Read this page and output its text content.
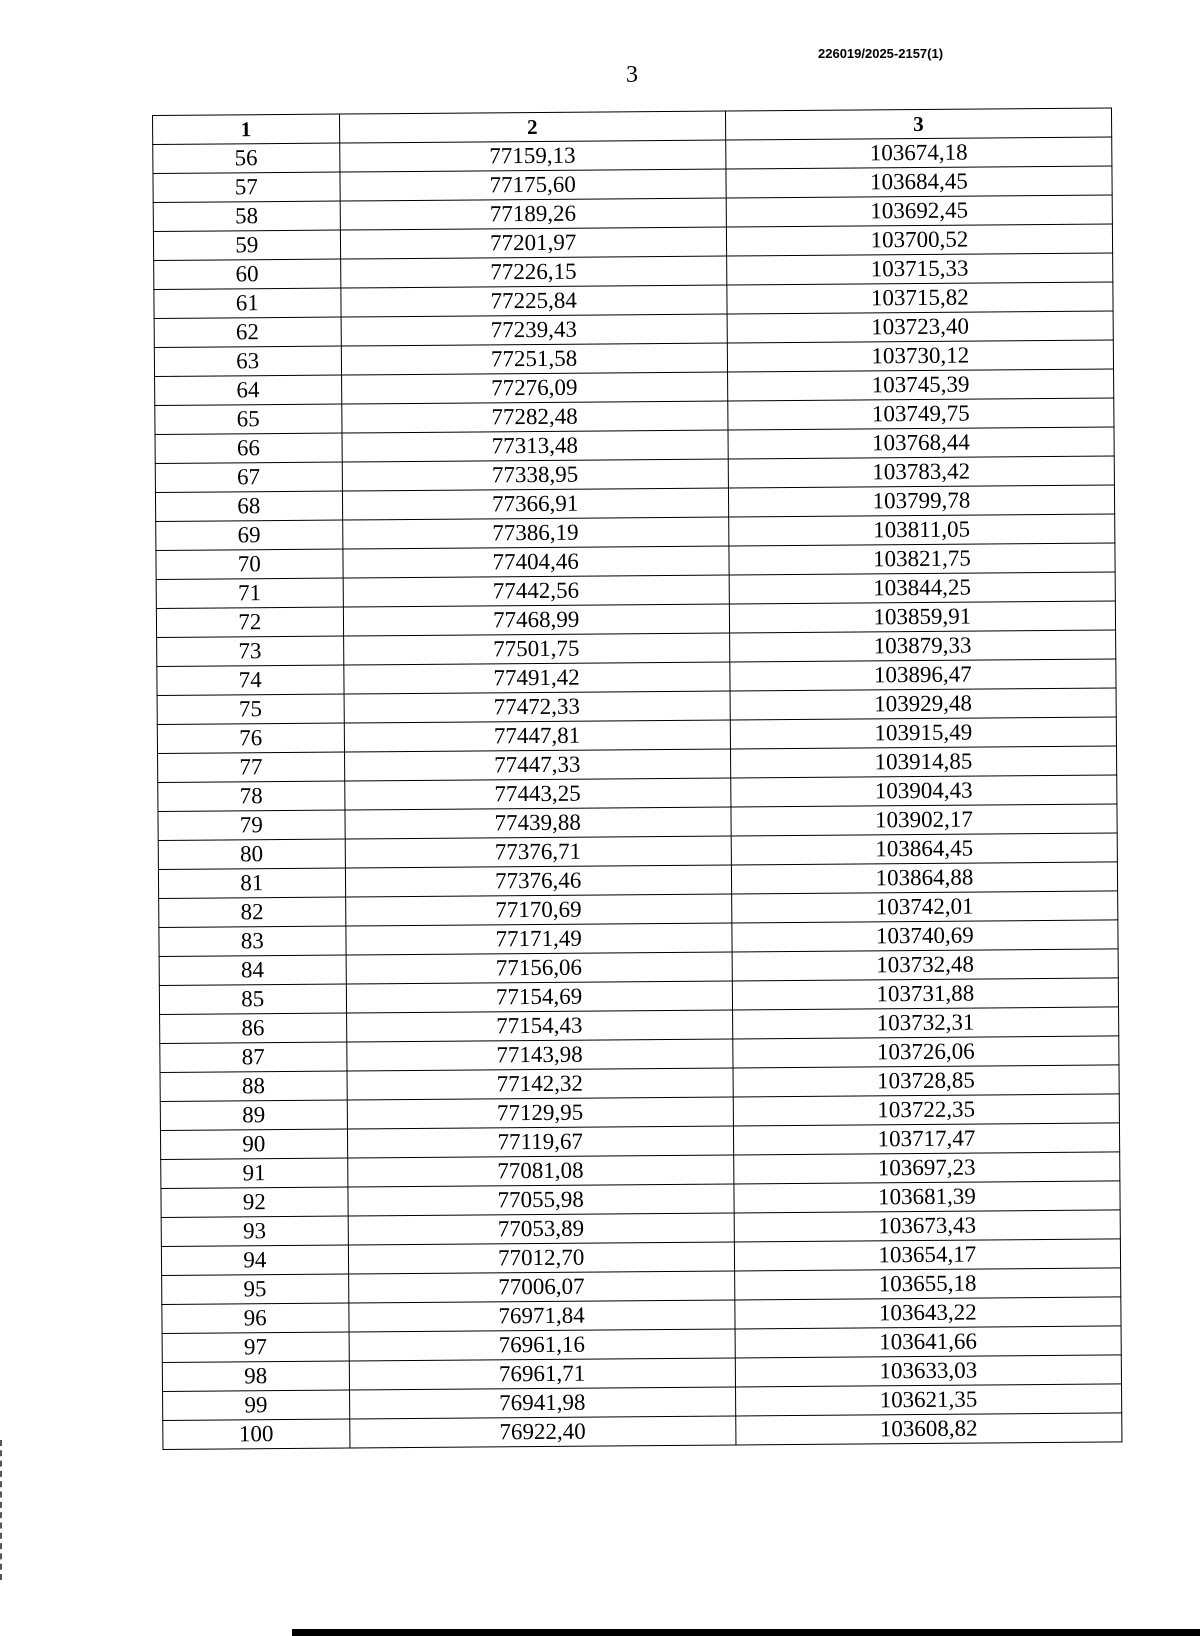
226019/2025-2157(1)
3
1	2	3
56	77159,13	103674,18
57	77175,60	103684,45
58	77189,26	103692,45
59	77201,97	103700,52
60	77226,15	103715,33
61	77225,84	103715,82
62	77239,43	103723,40
63	77251,58	103730,12
64	77276,09	103745,39
65	77282,48	103749,75
66	77313,48	103768,44
67	77338,95	103783,42
68	77366,91	103799,78
69	77386,19	103811,05
70	77404,46	103821,75
71	77442,56	103844,25
72	77468,99	103859,91
73	77501,75	103879,33
74	77491,42	103896,47
75	77472,33	103929,48
76	77447,81	103915,49
77	77447,33	103914,85
78	77443,25	103904,43
79	77439,88	103902,17
80	77376,71	103864,45
81	77376,46	103864,88
82	77170,69	103742,01
83	77171,49	103740,69
84	77156,06	103732,48
85	77154,69	103731,88
86	77154,43	103732,31
87	77143,98	103726,06
88	77142,32	103728,85
89	77129,95	103722,35
90	77119,67	103717,47
91	77081,08	103697,23
92	77055,98	103681,39
93	77053,89	103673,43
94	77012,70	103654,17
95	77006,07	103655,18
96	76971,84	103643,22
97	76961,16	103641,66
98	76961,71	103633,03
99	76941,98	103621,35
100	76922,40	103608,82
